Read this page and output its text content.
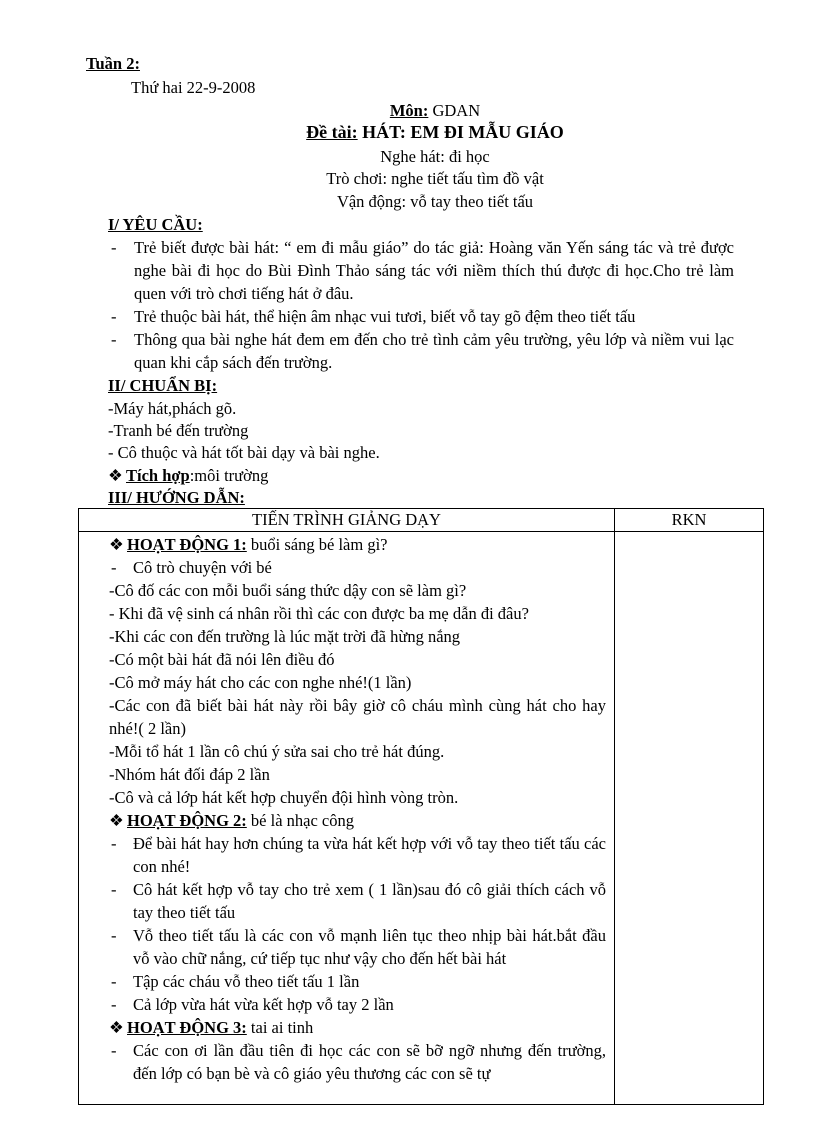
Tuần 2:
Thứ hai 22-9-2008
Môn: GDAN
Đề tài: HÁT: EM ĐI MẪU GIÁO
Nghe hát: đi học
Trò chơi: nghe tiết tấu tìm đồ vật
Vận động: vỗ tay theo tiết tấu
I/ YÊU CẦU:
- Trẻ biết được bài hát: “ em đi mẫu giáo” do tác giả: Hoàng văn Yến sáng tác và trẻ được nghe bài đi học do Bùi Đình Thảo sáng tác với niềm thích thú được đi học.Cho trẻ làm quen với trò chơi tiếng hát ở đâu.
- Trẻ thuộc bài hát, thể hiện âm nhạc vui tươi, biết vỗ tay gõ đệm theo tiết tấu
- Thông qua bài nghe hát đem em đến cho trẻ tình cảm yêu trường, yêu lớp và niềm vui lạc quan khi cắp sách đến trường.
II/ CHUẨN BỊ:

-Máy hát,phách gõ.

-Tranh bé đến trường

- Cô thuộc và hát tốt bài dạy và bài nghe.

❖ Tích hợp:môi trường

III/ HƯỚNG DẪN:
TIẾN TRÌNH GIẢNG DẠY	RKN

❖ HOẠT ĐỘNG 1: buổi sáng bé làm gì?

- Cô trò chuyện với bé

-Cô đố các con mỗi buổi sáng thức dậy con sẽ làm gì?

- Khi đã vệ sinh cá nhân rồi thì các con được ba mẹ dẫn đi đâu?

-Khi các con đến trường là lúc mặt trời đã hừng nắng

-Có một bài hát đã nói lên điều đó

-Cô mở máy hát cho các con nghe nhé!(1 lần)

-Các con đã biết bài hát này rồi bây giờ cô cháu mình cùng hát cho hay nhé!( 2 lần)

-Mỗi tổ hát 1 lần cô chú ý sửa sai cho trẻ hát đúng.

-Nhóm hát đối đáp 2 lần

-Cô và cả lớp hát kết hợp chuyển đội hình vòng tròn.

❖ HOẠT ĐỘNG 2: bé là nhạc công

- Để bài hát hay hơn chúng ta vừa hát kết hợp với vỗ tay theo tiết tấu các con nhé!

- Cô hát kết hợp vỗ tay cho trẻ xem ( 1 lần)sau đó cô giải thích cách vỗ tay theo tiết tấu

- Vỗ theo tiết tấu là các con vỗ mạnh liên tục theo nhịp bài hát.bắt đầu vỗ vào chữ nắng, cứ tiếp tục như vậy cho đến hết bài hát

- Tập các cháu vỗ theo tiết tấu 1 lần

- Cả lớp vừa hát vừa kết hợp vỗ tay 2 lần

❖ HOẠT ĐỘNG 3: tai ai tinh

- Các con ơi lần đầu tiên đi học các con sẽ bỡ ngỡ nhưng đến trường, đến lớp có bạn bè và cô giáo yêu thương các con sẽ tự
